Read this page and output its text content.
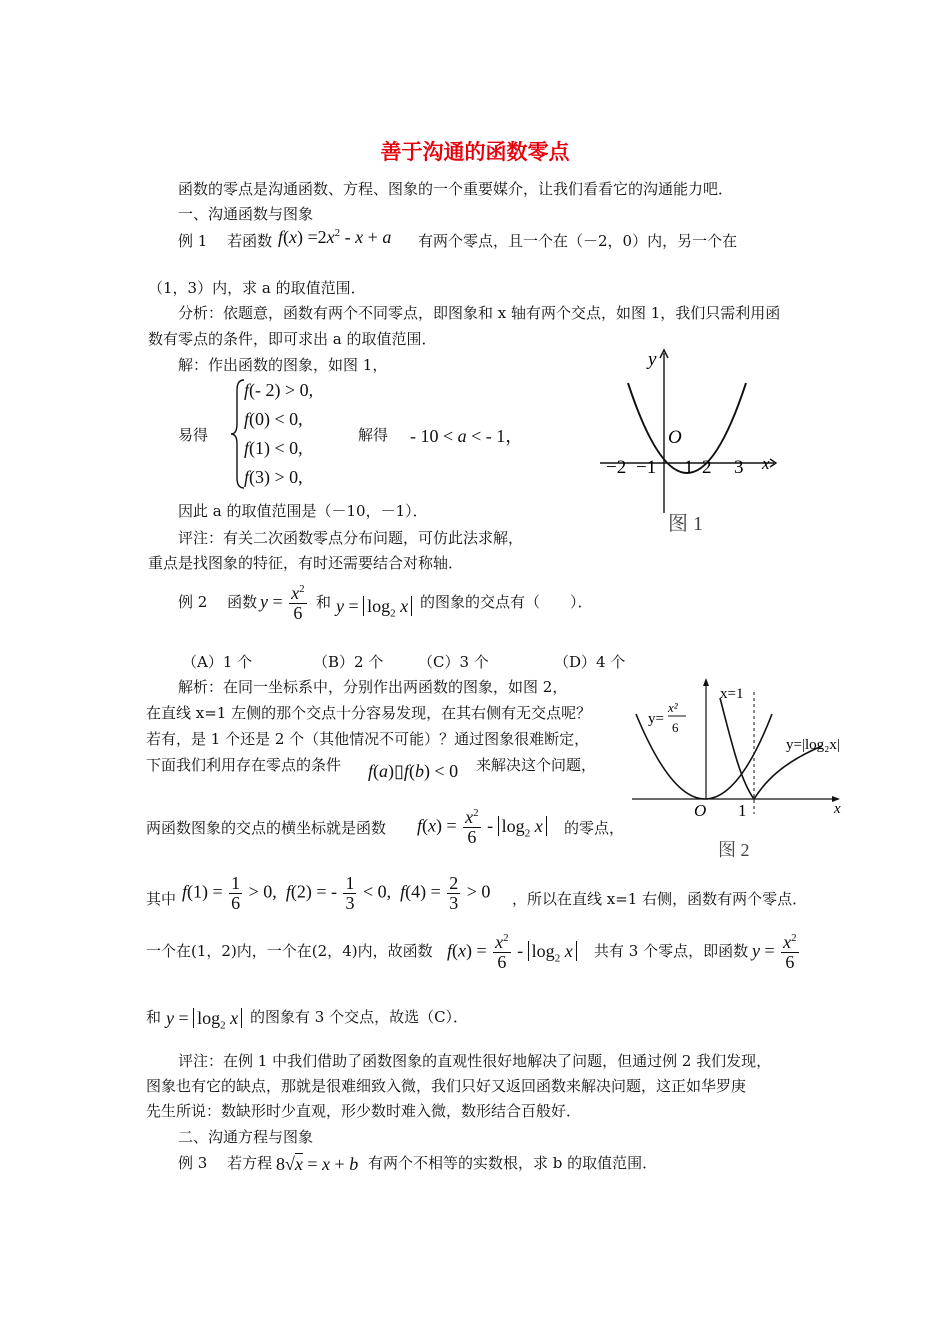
善于沟通的函数零点
函数的零点是沟通函数、方程、图象的一个重要媒介，让我们看看它的沟通能力吧．
一、沟通函数与图象
例 1　 若函数 $f(x) =2x^2 - x + a$ 有两个零点，且一个在（－2，0）内，另一个在
（1，3）内，求 a 的取值范围．
分析：依题意，函数有两个不同零点，即图象和 x 轴有两个交点，如图 1，我们只需利用函
数有零点的条件，即可求出 a 的取值范围．
解：作出函数的图象，如图 1，
易得
f(- 2) > 0,
f(0) < 0,
f(1) < 0,
f(3) > 0,
解得 - 10 < a < - 1，
因此 a 的取值范围是（－10，－1）．
评注：有关二次函数零点分布问题，可仿此法求解，
重点是找图象的特征，有时还需要结合对称轴．
y
x
O
−2 −1 1 2 3
图 1
例 2　 函数 $y = \frac{x^2}{6}$ 和 $y = \log_2 x$ 的图象的交点有（　　）．
（A）1 个	（B）2 个 （C）3 个	（D）4 个
解析：在同一坐标系中，分别作出两函数的图象，如图 2，
在直线 x=1 左侧的那个交点十分容易发现，在其右侧有无交点呢？
若有，是 1 个还是 2 个（其他情况不可能）？通过图象很难断定，
下面我们利用存在零点的条件 f(a)▯f(b) < 0 来解决这个问题，
两函数图象的交点的横坐标就是函数 $f(x) = \frac{x^2}{6} - \log_2 x$ 的零点，
其中 $f(1) = \frac{1}{6} > 0$,  f(2) = - $\frac{1}{3} < 0$,  $f(4) = \frac{2}{3} > 0$ ，所以在直线 x=1 右侧，函数有两个零点．
一个在(1，2)内，一个在(2，4)内，故函数 $f(x) = \frac{x^2}{6} - \log_2 x$ 共有 3 个零点，即函数 $y = \frac{x^2}{6}$
和 $y = \log_2 x$ 的图象有 3 个交点，故选（C）．
评注：在例 1 中我们借助了函数图象的直观性很好地解决了问题，但通过例 2 我们发现，
图象也有它的缺点，那就是很难细致入微，我们只好又返回函数来解决问题，这正如华罗庚
先生所说：数缺形时少直观，形少数时难入微，数形结合百般好．
O 1	x
x=1
y=
x²
6
y=|log₂x|
图 2
二、沟通方程与图象
例 3　 若方程 8√x = x + b 有两个不相等的实数根，求 b 的取值范围．
